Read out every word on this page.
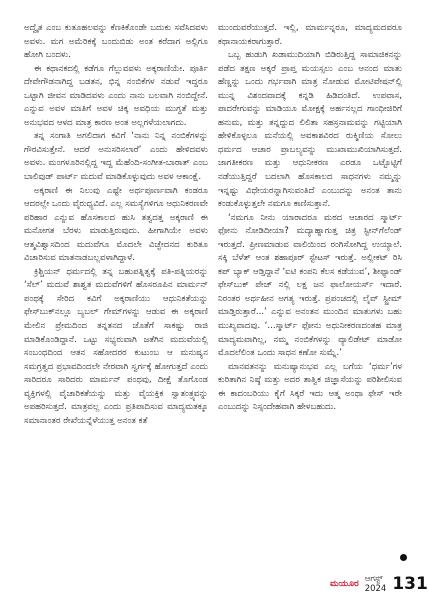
ಅದ್ವೈತ ಎಂಬ ಕುತೂಹಲವನ್ನು ಕೆಣಕಿಕೊಂಡೇ ಬದುಕು ಸವೆಸಿದವಳು ಅವಳು. ಮಗ ಅಮೆರಿಕಕ್ಕೆ ಬಂದುಬಿಡು ಅಂತ ಕರೆದಾಗ ಅಲ್ಲಿಗೂ ಹೋಗಿ ಬಂದಳು.

ಈ ಕಥಾನಕದಲ್ಲಿ ಕಡೆಗೂ ಗೆಲ್ಲುವವಳು ಅಕ್ಕರಾಣಿಯೇ. ಪೂರ್ತಿ ದೇವೇಗೌಡನಾಗಿದ್ದ ಬಡತನ, ಭಿನ್ನ ನಂಬಿಕೆಗಳ ನಡುವೆ ಇದ್ದರೂ ಒಟ್ಟಾಗಿ ಜೀವನ ಮಾಡಿದವಳು ಎಂದು ನಾನು ಬಲವಾಗಿ ನಂಬಿದ್ದೇನೆ. ಎನ್ನುವ ಅವಳ ಮಾತಿಗೆ ಅವಳ ಚಿಕ್ಕ ಅವಧಿಯ ಮುಗ್ಧತೆ ಮತ್ತು ಅನುಭವದ ಆಳದ ಮಾತ್ರ ಕಾರಣ ಅಂತ ಅಲ್ಲಗಳೆಯಲಾಗದು.

ತನ್ನ ಸಂಗಾತಿ ಅಗಲಿದಾಗ ಕವಿಗೆ ‘ನಾನು ನಿನ್ನ ನಂಬಿಕೆಗಳನ್ನು ಗೌರವಿಸುತ್ತೇನೆ. ಆದರೆ ಅನುಸರಿಸಲಾರೆ’ ಎಂದು ಹೇಳಿದವಳು ಅವಳು. ಮಂಗಳೂರಿನಲ್ಲಿದ್ದ ಇದ್ದ ಮೆಹೆಂದಿ-ಸಂಗೀತ-ಬಾರಾತ್ ಎಂಬ ಬಾಲಿವುಡ್ ಪಾರ್ಟ್ ಮದುವೆ ಮಾಡಿಕೊಳ್ಳುವುದು ಅವಳ ಆಕಾಂಕ್ಷೆ.

ಅಕ್ಕರಾಣಿ ಈ ನಿಲುವು ಎಷ್ಟೇ ಅರ್ಥಪೂರ್ಣವಾಗಿ ಕಂಡರೂ ಆದರಲ್ಲೇ ಒಂದು ವೈರುಧ್ಯವಿದೆ. ಎಲ್ಲ ಸಮಸ್ಯೆಗಳಿಗೂ ಆಧುನಿಕರಣವೇ ಪರಿಹಾರ ಎನ್ನುವ ಹೊಸಕಾಲದ ಹುಸಿ ತತ್ವದತ್ತ ಅಕ್ಕರಾಣಿ ಈ ಮನೋಗತ ಬೆರಳು ಮಾಡುತ್ತಿರುವುದು. ಹೀಗಾಗಿಯೇ ಅವಳು ಆತ್ಮವಿಶ್ವಾಸದಿಂದ ಮದುವೆಗೂ ಮೊದಲೇ ವಿಚ್ಛೇದನದ ಕುರಿತೂ ವಿಚಾರಿಸುವ ಮಾತನಾಡಬಲ್ಲವಳಾಗಿದ್ದಾಳೆ.

ಕ್ರಿಶ್ಚಿಯನ್ ಧರ್ಮದಲ್ಲಿ ತನ್ನ ಬಹುಪತ್ನಿತ್ವಕ್ಕೆ ಪತಿ-ಪತ್ನಿಯರನ್ನು ‘ಸೆಲ್’ ಮದುವೆ ಶಾಶ್ವತ ಮದುವೆಗಳಿಗೆ ಹೊಸರೂಪಿನ ಮಾರ್ಮನ್ ಪಂಥಕ್ಕೆ ಸೇರಿದ ಕವಿಗೆ ಅಕ್ಕರಾಣಿಯು ಆಧುನಿಕತೆಯನ್ನು ಫೇಸ್‌ಬುಕ್‌ನಲ್ಲೂ ಬ್ಯಬಲ್ ಗೇಮ್‌ಗಳನ್ನು ಆಡುವ ಈ ಅಕ್ಕರಾಣಿ ಮೇಲಿನ ಪ್ರೇಮದಿಂದ ತನ್ನತನದ ಜೊತೆಗೆ ಸಾಕಷ್ಟು ರಾಜಿ ಮಾಡಿಕೊಂಡಿದ್ದಾನೆ. ಒಟ್ಟು ಸಭ್ಯರುವಾಗಿ ಜತೆಗಿನ ಮದುವೆಯಲ್ಲಿ ಸಂಬಂಧದಿಂದ ಆತನ ಸಹೋದರರ ಕುಟುಂಬ ಆ ಮನುಷ್ಯನ ಸಮಗ್ರತ್ವದ ಪ್ರಭಾವದಿಂದಲೇ ನೇರವಾಗಿ ಸ್ವರ್ಗಕ್ಕೆ ಹೋಗುತ್ತದೆ ಎಂದು ಸಾರಿದರೂ ಸಾರಿದರು ಮಾರ್ಮನ್ ಪಂಥವು, ದೀಕ್ಷೆ ತೊಗೊಂಡ ವ್ಯಕ್ತಿಗಳಲ್ಲಿ ವೈಚಾರಿಕತೆಯನ್ನು ಮತ್ತು ವೈಯಕ್ತಿಕ ಸ್ವಾತಂತ್ರ್ಯವನ್ನು ಅಪಹರಿಸುತ್ತದೆ. ಮಾತ್ರವಲ್ಲ ಎಂದು ಪ್ರತಿಪಾದಿಸುವ ಮಾದ್ಯಮತಕ್ಕೂ ಸಮಾನಾಂತರ ರೇಖೆಯನ್ನೆಳೆಯುತ್ತ ಅನಂತ ಕತೆ

ಮುಂದುವರೆಯುತ್ತದೆ. ಇಲ್ಲಿ, ಮಾರ್ಮನ್ನರೂ, ಮಾದ್ಯಮದವರೂ ಕಥಾನಾಯಕರಾಗುತ್ತಾರೆ.

ಒಬ್ಬ ಹುಡುಗಿ ಖಡಾಮುದಿಯಾಗಿ ಬಿಡಿರುತ್ತಿದ್ದ ಸಾಮಾಜಿಕನನ್ನು ಪಡೆದ ತಕ್ಷಣ ಅಕ್ಕರೆ ಪ್ರಾಪ್ತ ಮಯಸ್ಸಲು ಎಂಬ ಆನಂದ ಮಾತು ಹೆಣ್ಣನ್ನು ಒಂದು ಗರ್ಭವಾಗಿ ಮಾತ್ರ ನೋಡುವ ಮೋಟಿವೇಷನ್‌ಲ್ಲಿ ಮುನ್ನ ವಿಶಂದವಾದಕ್ಕೆ ಕನ್ನಡಿ ಹಿಡಿದಂತಿದೆ. ಉಪವಾಸ, ಪಾದರೇಗುವನ್ನು ಮಾಡಿಯೂ ಮೋಕ್ಷಕ್ಕೆ ಅರ್ಹನಲ್ಲದ ಗಾಂಧೀಜಿರಿಗೆ ಹನುಮ, ಮತ್ತು ತನ್ನದ್ದುದ ಲಿಲಿತಾ ಸಹಸ್ರನಾಮವನ್ನು ಗಟ್ಟಿಯಾಗಿ ಹೇಳಿಕೊಳ್ಳಲೂ ಮನೆಯಲ್ಲಿ ಅವಕಾಶವಿರದ ರುಕ್ಮಿಣಿಯ ಸೋಲು ಧರ್ಮದ ಆಚಾರ ಪ್ರಾಬಲ್ಯವನ್ನು ಮುಖಾಮುಖಿಯಾಗಿಸುತ್ತದೆ. ಜಾಗತೀಕರಣ ಮತ್ತು ಆಧುನೀಕರಣ ಎರಡೂ ಒಟ್ಟೊಟ್ಟಿಗೆ ನಡೆಯುತ್ತಿದ್ದರೆ ಬದಲಾಗಿ ಹೊಸಕಾಲದ ಸಾಧನಗಳು ನಮ್ಮನ್ನು ಇನ್ನಷ್ಟು ವಿಧೇಯರನ್ನಾಗಿಸುವಂತಿದೆ ಎಂಬುದನ್ನು ಅನಂತ ತಾನು ಕಂಡುಕೊಳ್ಳುತ್ತಲೇ ನಮಗೂ ಕಾಣಿಸುತ್ತಾನೆ.

‘ನಮಗೂ ನೀನು ಯಾರಾದರೂ ಮಠದ ಆಚಾರದ ಸ್ಮಾರ್ಟ್ ಫೋನು ನೋಡಿದೀಯಾ? ಮದ್ಯಾಹ್ನಾಗುತ್ತ ಚಿತ್ರ ಸ್ಟೀನ್‌ಗೆಲೆಂಡ್ ಇರುತ್ತದೆ. ಪ್ರೀಣಮಾಡುವ ವಾಲಿಯಿಂದ ರಂಗಿಸೋಗಿದ್ದ ಉಯ್ಯಾಲೆ. ಸಕ್ಕಿ ಬೆಳೆತ್ ಆಂತ ಶಹಾಪೂರ್ ಸ್ಟೇಟಸ್ ಇರುತ್ತೆ. ಅಲ್ಲೀಕಟ್ ರಿಸಿ ಕಪ್ ಬ್ಯಾಕ್ ಆಡ್ತಿದ್ದಾನೆ ‘ಐಟಿ ಕಂಪನಿ ಕೆಲಸ ಕಡೆಯುವ’, ಶೀಫ್ಯಾಂಡ್ ಫೇಸ್‌ಬುಕ್ ಪೇಜ್ ನಲ್ಲಿ ಲಕ್ಷ ಜನ ಫಾಲೋಯರ್ಸ್ ಇದಾರೆ. ನಿರಂತರ ಅರ್ಥಹೀನ ಅಗತ್ಯ ಇರುತ್ತೆ. ಪ್ರಪಂಚದಲ್ಲಿ ಲೈವ್ ಸ್ಟ್ರೀಮ್ ಮಾಡ್ತಿರುತ್ತಾರೆ...’ ಎನ್ನುವ ಅನಂತನ ಮುಂದಿನ ಮಾತುಗಳು ಬಹು ಮುಖ್ಯವಾದವು. ‘...ಸ್ಮಾರ್ಟ್ ಫೋನು ಅಧುನೀಕರಣದಂತಹ ಮಾತ್ರ ಮಾದ್ಯಮವಾಗಿಲ್ಲ, ನಮ್ಮ ನಂಬಿಕೆಗಳನ್ನು ವ್ಯಾಲಿಡೇಟ್ ಮಾಡೋ ಮೊದಲೆಲಿಂತ ಒಂದು ಸಾಧನ ಕಣೋ ಸುಮ್ನೆ.’

ಮಾನವತನನ್ನು ಮನುಷ್ಯಾನುಭವ ಎಲ್ಲ ಬಗೆಯ ‘ಧರ್ಮ’ಗಳ ಕುರಿತಾಗಿನ ನಿಷ್ಠೆ ಮತ್ತು ಅದರ ತಾತ್ವಿಕ ಜಿಜ್ಞಾಸೆಯನ್ನು ಪರಿಶೀಲಿಸುವ ಈ ಕಾದಂಬರಿಯು ಕೈಗೆ ಸಿಕ್ಕರೆ ಇದು ಆತ್ಮ ಅಂಥಾ ಫೇಸ್‌ ಇರೇ ಎಂಬುದನ್ನು ನಿಸ್ಸಂದೇಹವಾಗಿ ಹೇಳಬಹುದು.

ಮಯೂರ ಆಗಸ್ಟ್ 2024 131
